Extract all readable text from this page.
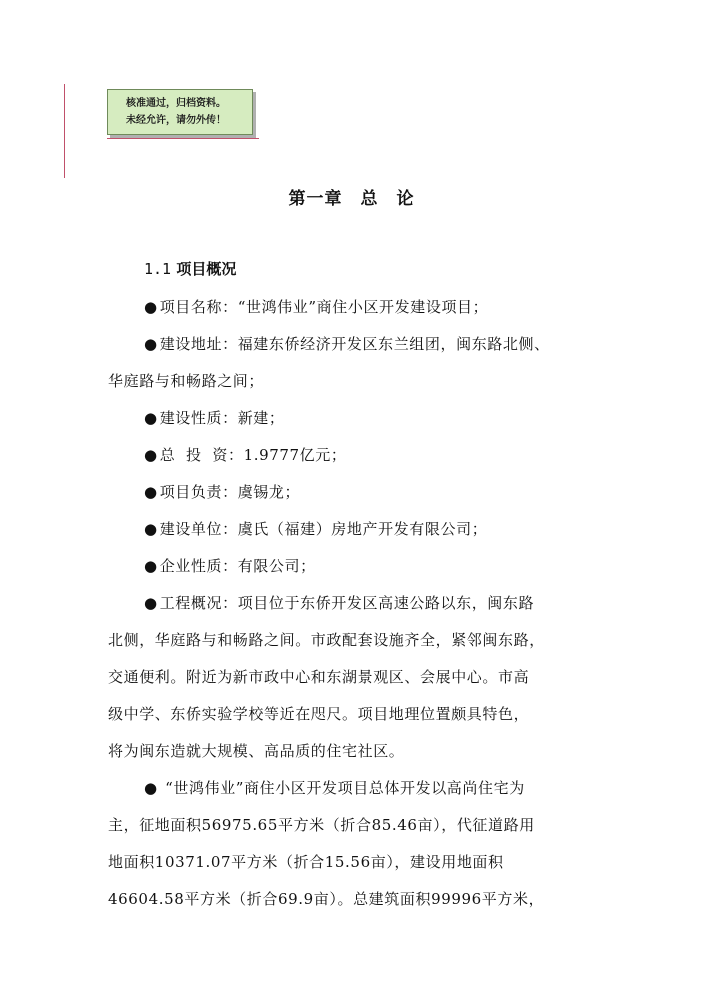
核准通过，归档资料。
未经允许，请勿外传！
第一章 总 论
1.1 项目概况
● 项目名称：“世鸿伟业”商住小区开发建设项目；
● 建设地址：福建东侨经济开发区东兰组团，闽东路北侧、
华庭路与和畅路之间；
● 建设性质：新建；
● 总  投  资：1.9777亿元；
● 项目负责：虞锡龙；
● 建设单位：虞氏（福建）房地产开发有限公司；
● 企业性质：有限公司；
● 工程概况：项目位于东侨开发区高速公路以东，闽东路
北侧，华庭路与和畅路之间。市政配套设施齐全，紧邻闽东路，
交通便利。附近为新市政中心和东湖景观区、会展中心。市高
级中学、东侨实验学校等近在咫尺。项目地理位置颇具特色，
将为闽东造就大规模、高品质的住宅社区。
● “世鸿伟业”商住小区开发项目总体开发以高尚住宅为
主，征地面积56975.65平方米（折合85.46亩），代征道路用
地面积10371.07平方米（折合15.56亩），建设用地面积
46604.58平方米（折合69.9亩）。总建筑面积99996平方米，
